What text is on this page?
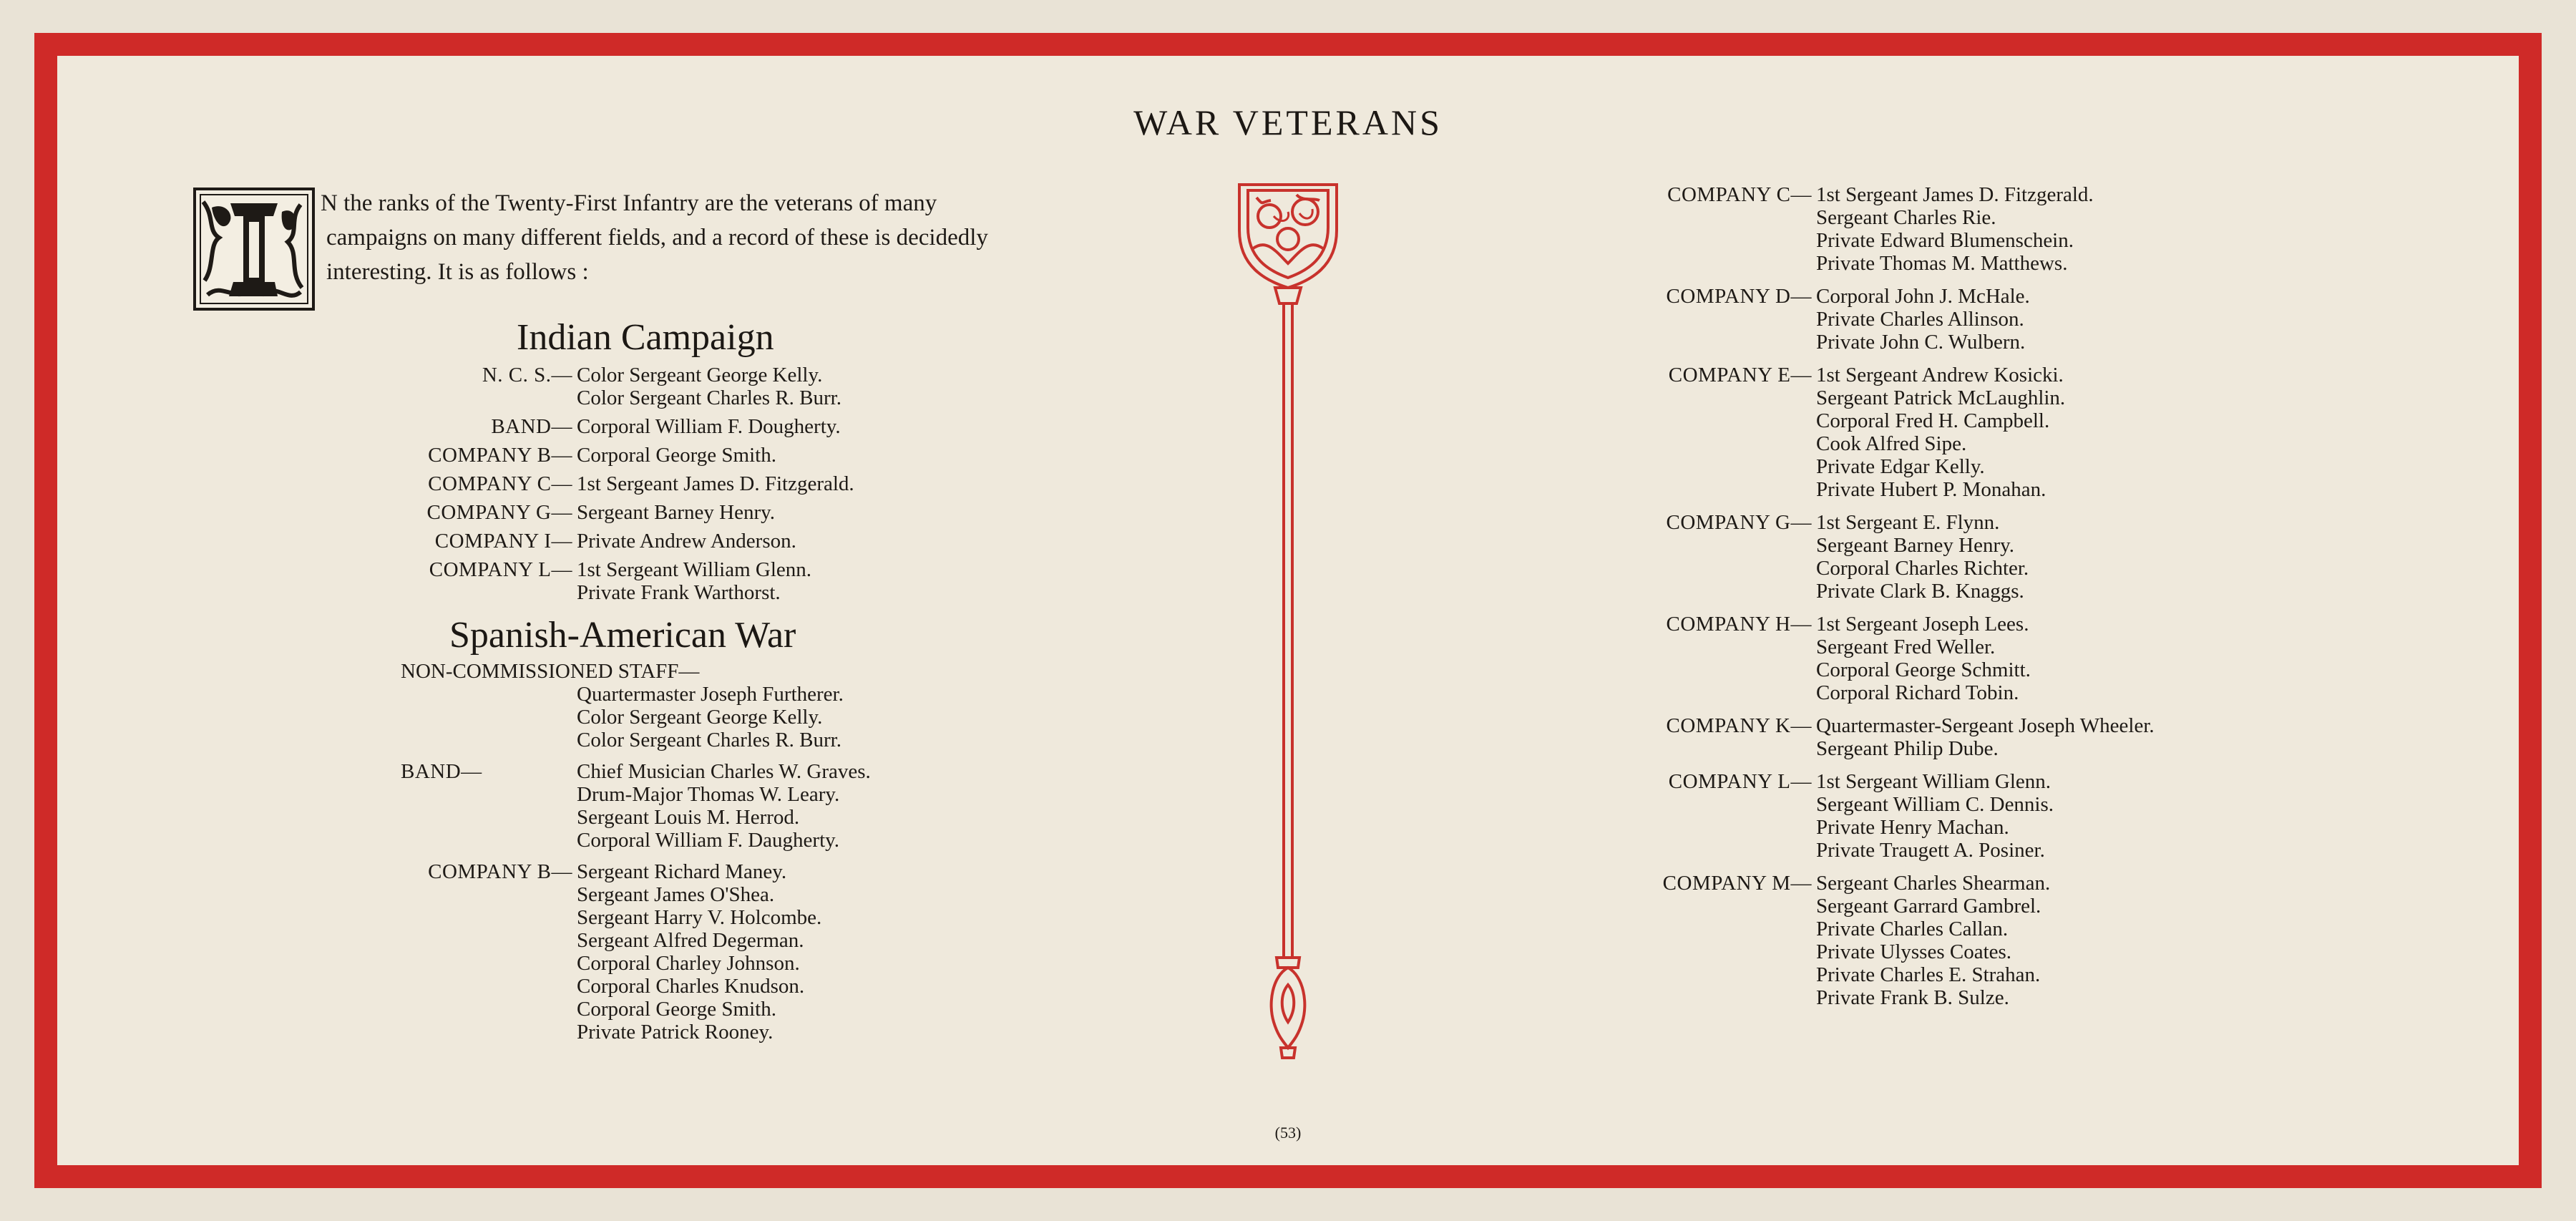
WAR VETERANS

N the ranks of the Twenty-First Infantry are the veterans of many

campaigns on many different fields, and a record of these is decidedly

interesting. It is as follows :

Indian Campaign
N. C. S.— Color Sergeant George Kelly.
Color Sergeant Charles R. Burr.
BAND— Corporal William F. Dougherty.
COMPANY B— Corporal George Smith.
COMPANY C— 1st Sergeant James D. Fitzgerald.
COMPANY G— Sergeant Barney Henry.
COMPANY I— Private Andrew Anderson.
COMPANY L— 1st Sergeant William Glenn.
Private Frank Warthorst.
Spanish-American War
NON-COMMISSIONED STAFF—
Quartermaster Joseph Furtherer.
Color Sergeant George Kelly.
Color Sergeant Charles R. Burr.
BAND—	Chief Musician Charles W. Graves.
Drum-Major Thomas W. Leary.
Sergeant Louis M. Herrod.
Corporal William F. Daugherty.
COMPANY B— Sergeant Richard Maney.
Sergeant James O'Shea.
Sergeant Harry V. Holcombe.
Sergeant Alfred Degerman.
Corporal Charley Johnson.
Corporal Charles Knudson.
Corporal George Smith.
Private Patrick Rooney.
COMPANY C— 1st Sergeant James D. Fitzgerald.
Sergeant Charles Rie.
Private Edward Blumenschein.
Private Thomas M. Matthews.
COMPANY D— Corporal John J. McHale.
Private Charles Allinson.
Private John C. Wulbern.
COMPANY E— 1st Sergeant Andrew Kosicki.
Sergeant Patrick McLaughlin.
Corporal Fred H. Campbell.
Cook Alfred Sipe.
Private Edgar Kelly.
Private Hubert P. Monahan.
COMPANY G— 1st Sergeant E. Flynn.
Sergeant Barney Henry.
Corporal Charles Richter.
Private Clark B. Knaggs.
COMPANY H— 1st Sergeant Joseph Lees.
Sergeant Fred Weller.
Corporal George Schmitt.
Corporal Richard Tobin.
COMPANY K— Quartermaster-Sergeant Joseph Wheeler.
Sergeant Philip Dube.
COMPANY L— 1st Sergeant William Glenn.
Sergeant William C. Dennis.
Private Henry Machan.
Private Traugett A. Posiner.
COMPANY M— Sergeant Charles Shearman.
Sergeant Garrard Gambrel.
Private Charles Callan.
Private Ulysses Coates.
Private Charles E. Strahan.
Private Frank B. Sulze.
(53)
